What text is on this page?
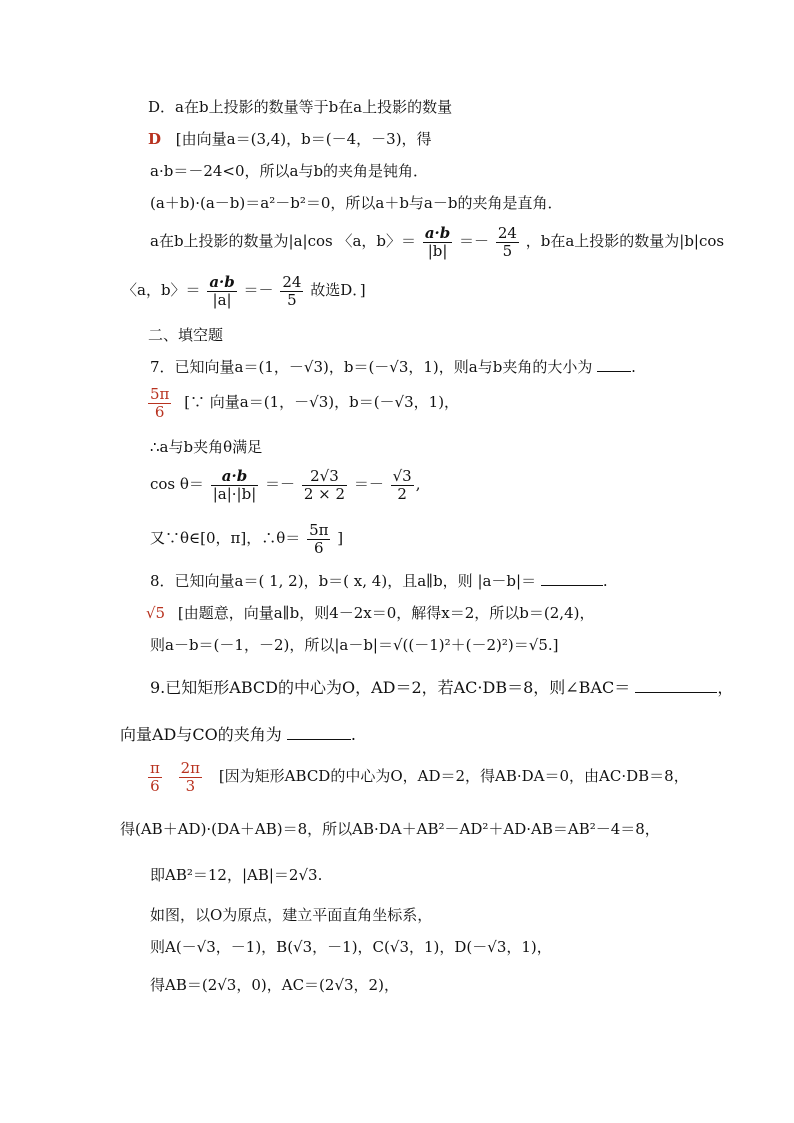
D．a在b上投影的数量等于b在a上投影的数量
D [由向量a＝(3,4)，b＝(－4，－3)，得
a·b＝－24<0，所以a与b的夹角是钝角．
(a＋b)·(a－b)＝a²－b²＝0，所以a＋b与a－b的夹角是直角．
a在b上投影的数量为|a|cos 〈a，b〉＝ $\frac{a\cdot b}{|b|} =- \frac{24}{5}$ ，b在a上投影的数量为|b|cos
〈a，b〉＝ $\frac{a\cdot b}{|a|} =- \frac{24}{5}$ 故选D．]
二、填空题
7．已知向量a＝(1，－√3)，b＝(－√3，1)，则a与b夹角的大小为	.
$\frac{5\pi}{6}$ [∵ 向量a＝(1，－√3)，b＝(－√3，1)，
∴a与b夹角θ满足
$\cos \theta= \frac{a\cdot b}{|a|\cdot|b|} =- \frac{2√3}{2 \times 2} =- \frac{√3}{2}$ ,
又∵θ∈[0，π]，∴θ＝ $\frac{5\pi}{6}$ ]
8．已知向量a＝( 1, 2)，b＝( x, 4)，且a∥b，则 |a－b|＝	.
√5 [由题意，向量a∥b，则4－2x＝0，解得x＝2，所以b＝(2,4)，
则a－b＝(－1，－2)，所以|a－b|＝√((－1)²＋(－2)²)＝√5.]
9.已知矩形ABCD的中心为O，AD＝2，若AC·DB＝8，则∠BAC＝	，
向量AD与CO的夹角为	.
$\frac{\pi}{6}$
$\frac{2\pi}{3}$ [因为矩形ABCD的中心为O，AD＝2，得AB·DA＝0，由AC·DB＝8，
得(AB＋AD)·(DA＋AB)＝8，所以AB·DA＋AB²－AD²＋AD·AB＝AB²－4＝8，
即AB²＝12，|AB|＝2√3.
如图，以O为原点，建立平面直角坐标系，
则A(－√3，－1)，B(√3，－1)，C(√3，1)，D(－√3，1)，
得AB＝(2√3，0)，AC＝(2√3，2)，
